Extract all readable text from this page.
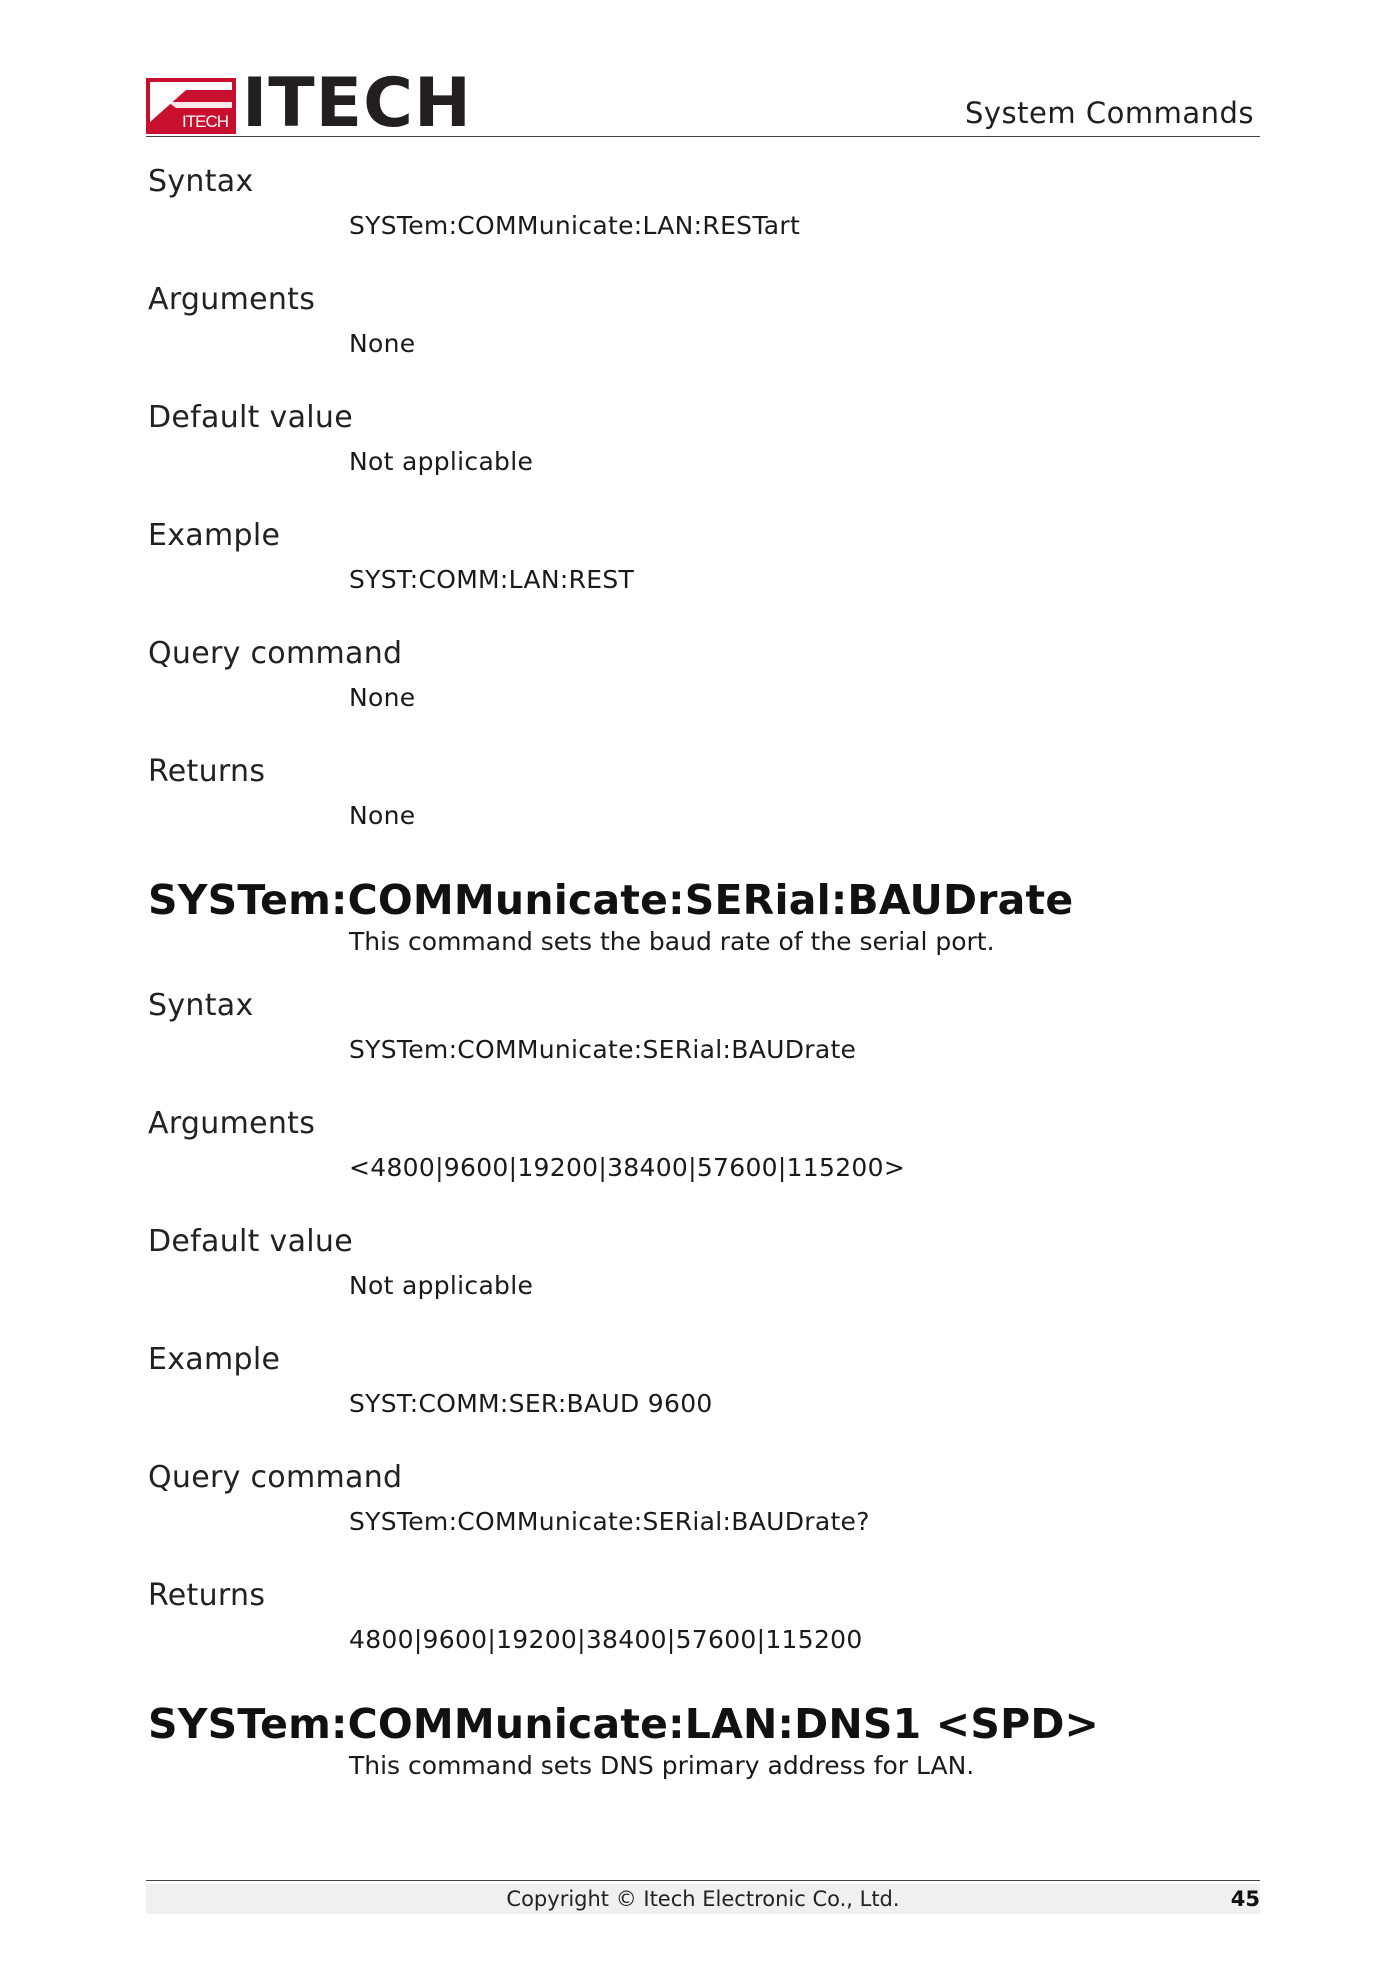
ITECH ITECH	System Commands
Syntax
SYSTem:COMMunicate:LAN:RESTart
Arguments
None
Default value
Not applicable
Example
SYST:COMM:LAN:REST
Query command
None
Returns
None
SYSTem:COMMunicate:SERial:BAUDrate
This command sets the baud rate of the serial port.
Syntax
SYSTem:COMMunicate:SERial:BAUDrate
Arguments
<4800|9600|19200|38400|57600|115200>
Default value
Not applicable
Example
SYST:COMM:SER:BAUD 9600
Query command
SYSTem:COMMunicate:SERial:BAUDrate?
Returns
4800|9600|19200|38400|57600|115200
SYSTem:COMMunicate:LAN:DNS1 <SPD>
This command sets DNS primary address for LAN.
Copyright © Itech Electronic Co., Ltd.	45
